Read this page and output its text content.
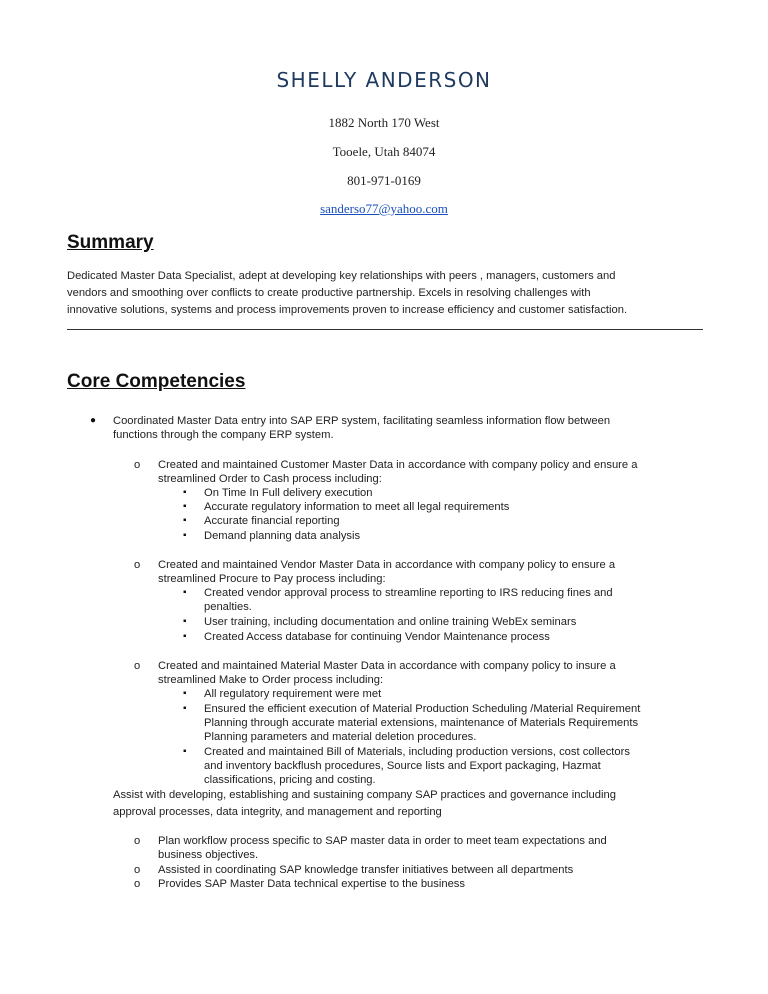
SHELLY ANDERSON
1882 North 170 West
Tooele, Utah 84074
801-971-0169
sanderso77@yahoo.com
Summary
Dedicated Master Data Specialist, adept at developing key relationships with peers , managers, customers and
vendors and smoothing over conflicts to create productive partnership. Excels in resolving challenges with
innovative solutions, systems and process improvements proven to increase efficiency and customer satisfaction.
Core Competencies
● Coordinated Master Data entry into SAP ERP system, facilitating seamless information flow between
functions through the company ERP system.
o Created and maintained Customer Master Data in accordance with company policy and ensure a
streamlined Order to Cash process including:
▪ On Time In Full delivery execution
▪ Accurate regulatory information to meet all legal requirements
▪ Accurate financial reporting
▪ Demand planning data analysis
o Created and maintained Vendor Master Data in accordance with company policy to ensure a
streamlined Procure to Pay process including:
▪ Created vendor approval process to streamline reporting to IRS reducing fines and
penalties.
▪ User training, including documentation and online training WebEx seminars
▪ Created Access database for continuing Vendor Maintenance process
o Created and maintained Material Master Data in accordance with company policy to insure a
streamlined Make to Order process including:
▪ All regulatory requirement were met
▪ Ensured the efficient execution of Material Production Scheduling /Material Requirement
Planning through accurate material extensions, maintenance of Materials Requirements
Planning parameters and material deletion procedures.
▪ Created and maintained Bill of Materials, including production versions, cost collectors
and inventory backflush procedures, Source lists and Export packaging, Hazmat
classifications, pricing and costing.
Assist with developing, establishing and sustaining company SAP practices and governance including
approval processes, data integrity, and management and reporting
o Plan workflow process specific to SAP master data in order to meet team expectations and
business objectives.
o Assisted in coordinating SAP knowledge transfer initiatives between all departments
o Provides SAP Master Data technical expertise to the business
